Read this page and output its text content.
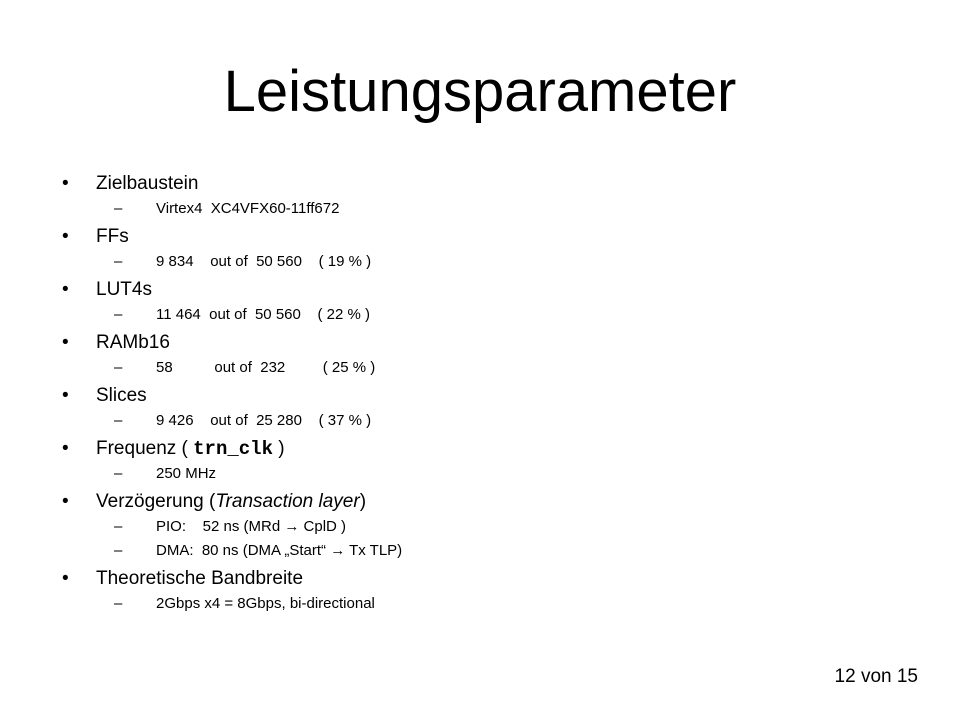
Leistungsparameter
• Zielbaustein
– Virtex4  XC4VFX60-11ff672
• FFs
– 9 834    out of  50 560    ( 19 % )
• LUT4s
– 11 464  out of  50 560    ( 22 % )
• RAMb16
– 58          out of  232         ( 25 % )
• Slices
– 9 426    out of  25 280    ( 37 % )
• Frequenz ( trn_clk )
– 250 MHz
• Verzögerung (Transaction layer)
– PIO:    52 ns (MRd → CplD )
– DMA:  80 ns (DMA „Start“ → Tx TLP)
• Theoretische Bandbreite
– 2Gbps x4 = 8Gbps, bi-directional
12 von 15
